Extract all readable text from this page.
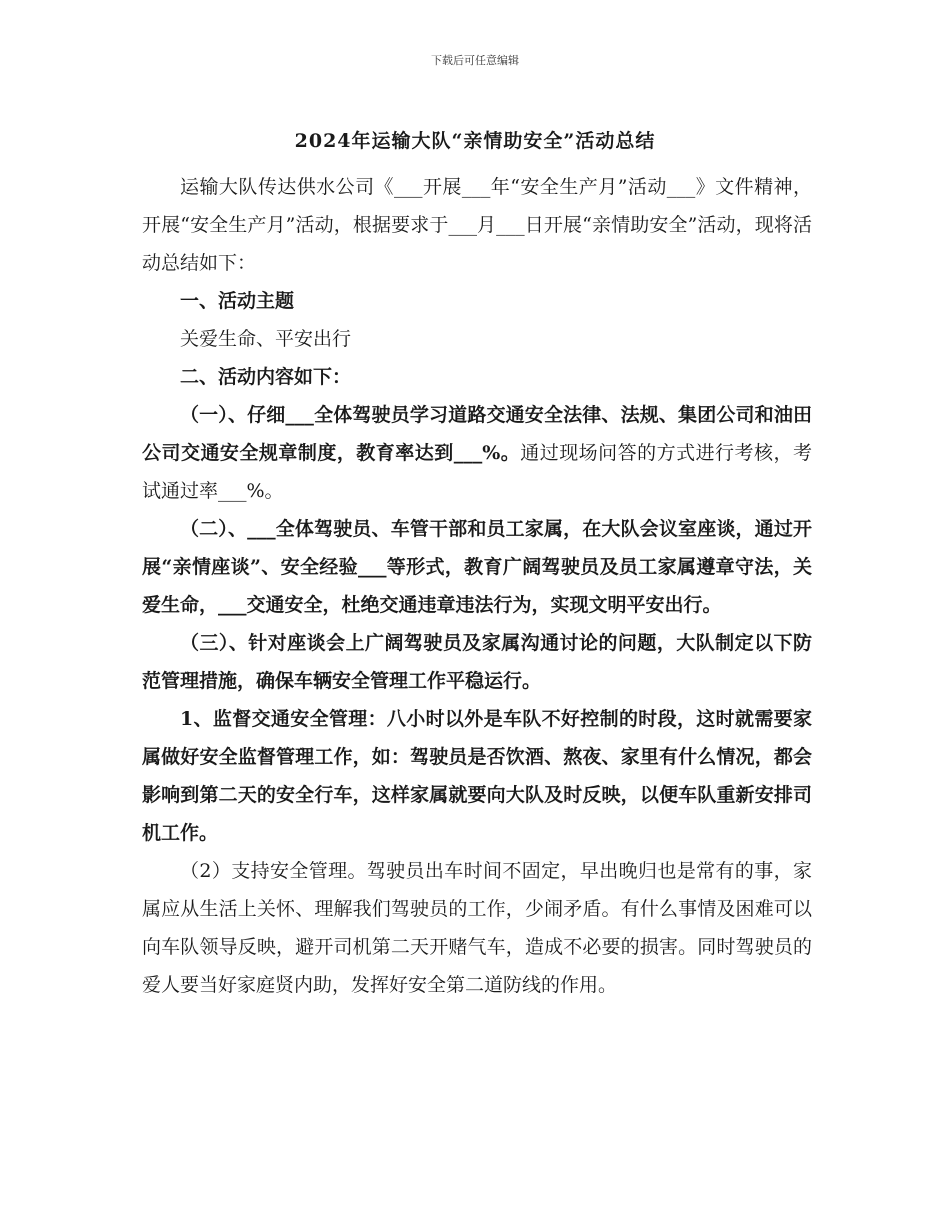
下载后可任意编辑
2024年运输大队“亲情助安全”活动总结

运输大队传达供水公司《___开展___年“安全生产月”活动___》文件精神，开展“安全生产月”活动，根据要求于___月___日开展“亲情助安全”活动，现将活动总结如下：

一、活动主题

关爱生命、平安出行

二、活动内容如下：

（一）、仔细___全体驾驶员学习道路交通安全法律、法规、集团公司和油田公司交通安全规章制度，教育率达到___%。通过现场问答的方式进行考核，考试通过率___%。

（二）、___全体驾驶员、车管干部和员工家属，在大队会议室座谈，通过开展“亲情座谈”、安全经验___等形式，教育广阔驾驶员及员工家属遵章守法，关爱生命，___交通安全，杜绝交通违章违法行为，实现文明平安出行。

（三）、针对座谈会上广阔驾驶员及家属沟通讨论的问题，大队制定以下防范管理措施，确保车辆安全管理工作平稳运行。

1、监督交通安全管理：八小时以外是车队不好控制的时段，这时就需要家属做好安全监督管理工作，如：驾驶员是否饮酒、熬夜、家里有什么情况，都会影响到第二天的安全行车，这样家属就要向大队及时反映，以便车队重新安排司机工作。

（2）支持安全管理。驾驶员出车时间不固定，早出晚归也是常有的事，家属应从生活上关怀、理解我们驾驶员的工作，少闹矛盾。有什么事情及困难可以向车队领导反映，避开司机第二天开赌气车，造成不必要的损害。同时驾驶员的爱人要当好家庭贤内助，发挥好安全第二道防线的作用。
